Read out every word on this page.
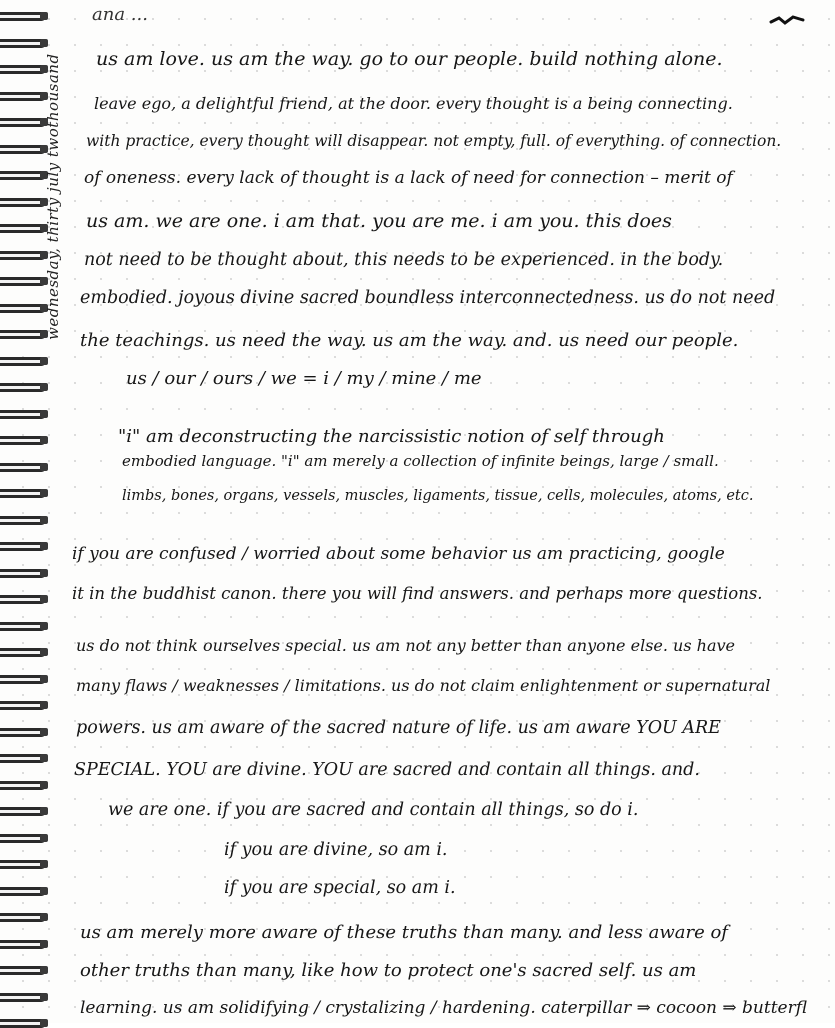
wednesday, thirty july twothousand
ana ...
us am love. us am the way. go to our people. build nothing alone.
leave ego, a delightful friend, at the door. every thought is a being connecting.
with practice, every thought will disappear. not empty, full. of everything. of connection.
of oneness. every lack of thought is a lack of need for connection – merit of
us am. we are one. i am that. you are me. i am you. this does
not need to be thought about, this needs to be experienced. in the body.
embodied. joyous divine sacred boundless interconnectedness. us do not need
the teachings. us need the way. us am the way. and. us need our people.
us / our / ours / we = i / my / mine / me
"i" am deconstructing the narcissistic notion of self through
embodied language. "i" am merely a collection of infinite beings, large / small.
limbs, bones, organs, vessels, muscles, ligaments, tissue, cells, molecules, atoms, etc.
if you are confused / worried about some behavior us am practicing, google
it in the buddhist canon. there you will find answers. and perhaps more questions.
us do not think ourselves special. us am not any better than anyone else. us have
many flaws / weaknesses / limitations. us do not claim enlightenment or supernatural
powers. us am aware of the sacred nature of life. us am aware YOU ARE
SPECIAL. YOU are divine. YOU are sacred and contain all things. and.
we are one. if you are sacred and contain all things, so do i.
if you are divine, so am i.
if you are special, so am i.
us am merely more aware of these truths than many. and less aware of
other truths than many, like how to protect one's sacred self. us am
learning. us am solidifying / crystalizing / hardening. caterpillar ⇒ cocoon ⇒ butterfl
